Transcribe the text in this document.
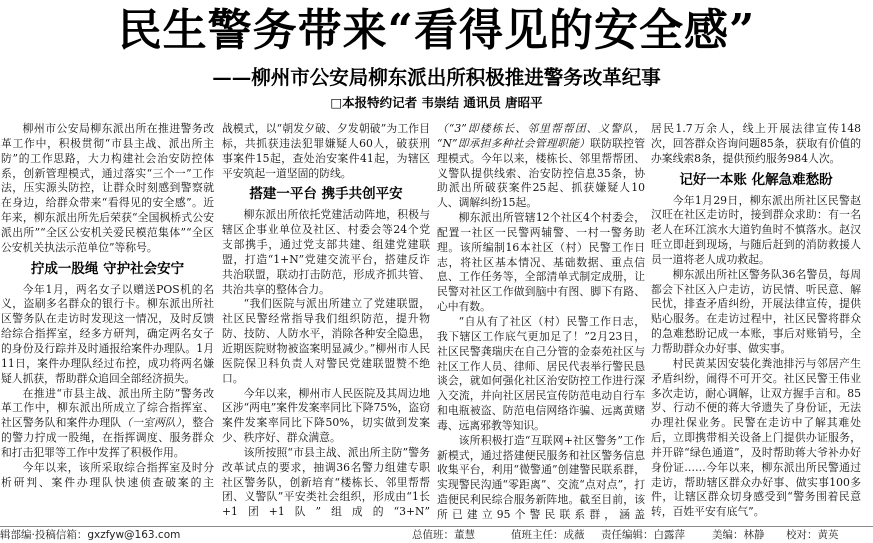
民生警务带来“看得见的安全感”
——柳州市公安局柳东派出所积极推进警务改革纪事
□本报特约记者 韦崇结 通讯员 唐昭平

柳州市公安局柳东派出所在推进警务改革工作中，积极贯彻“市县主战、派出所主防”的工作思路，大力构建社会治安防控体系，创新管理模式，通过落实“三个一”工作法，压实源头防控，让群众时刻感到警察就在身边，给群众带来“看得见的安全感”。近年来，柳东派出所先后荣获“全国枫桥式公安派出所”“全区公安机关爱民模范集体”“全区公安机关执法示范单位”等称号。

拧成一股绳 守护社会安宁

今年1月，两名女子以赠送POS机的名义，盗刷多名群众的银行卡。柳东派出所社区警务队在走访时发现这一情况，及时反馈给综合指挥室，经多方研判，确定两名女子的身份及行踪并及时通报给案件办理队。1月11日，案件办理队经过布控，成功将两名嫌疑人抓获，帮助群众追回全部经济损失。

在推进“市县主战、派出所主防”警务改革工作中，柳东派出所成立了综合指挥室、社区警务队和案件办理队（一室两队），整合的警力拧成一股绳，在指挥调度、服务群众和打击犯罪等工作中发挥了积极作用。

今年以来，该所采取综合指挥室及时分析研判、案件办理队快速侦查破案的主

战模式，以“朝发夕破、夕发朝破”为工作目标，共抓获违法犯罪嫌疑人60人，破获刑事案件15起，查处治安案件41起，为辖区平安筑起一道坚固的防线。

搭建一平台 携手共创平安

柳东派出所依托党建活动阵地，积极与辖区企事业单位及社区、村委会等24个党支部携手，通过党支部共建、组建党建联盟，打造“1+N”党建交流平台，搭建反诈共治联盟，联动打击防范，形成齐抓共管、共治共享的整体合力。

“我们医院与派出所建立了党建联盟，社区民警经常指导我们组织防范，提升物防、技防、人防水平，消除各种安全隐患，近期医院财物被盗案明显减少。”柳州市人民医院保卫科负责人对警民党建联盟赞不绝口。

今年以来，柳州市人民医院及其周边地区涉“两电”案件发案率同比下降75%，盗窃案件发案率同比下降50%，切实做到发案少、秩序好、群众满意。

该所按照“市县主战、派出所主防”警务改革试点的要求，抽调36名警力组建专职社区警务队，创新培育“楼栋长、邻里帮帮团、义警队”平安类社会组织，形成由“1长+1团+1队”组成的“3+N”

（“3”即楼栋长、邻里帮帮团、义警队，“N”即承担多种社会管理职能）联防联控管理模式。今年以来，楼栋长、邻里帮帮团、义警队提供线索、治安防控信息35条，协助派出所破获案件25起、抓获嫌疑人10人、调解纠纷15起。

柳东派出所管辖12个社区4个村委会，配置一社区一民警两辅警、一村一警务助理。该所编制16本社区（村）民警工作日志，将社区基本情况、基础数据、重点信息、工作任务等，全部清单式制定成册，让民警对社区工作做到脑中有图、脚下有路、心中有数。

“自从有了社区（村）民警工作日志，我下辖区工作底气更加足了！”2月23日，社区民警龚瑞庆在自己分管的金泰苑社区与社区工作人员、律师、居民代表举行警民恳谈会，就如何强化社区治安防控工作进行深入交流，并向社区居民宣传防范电动自行车和电瓶被盗、防范电信网络诈骗、远离黄赌毒、远离邪教等知识。

该所积极打造“互联网+社区警务”工作新模式，通过搭建便民服务和社区警务信息收集平台，利用“微警通”创建警民联系群，实现警民沟通“零距离”、交流“点对点”，打造便民利民综合服务新阵地。截至目前，该所已建立95个警民联系群，涵盖

居民1.7万余人，线上开展法律宣传148次，回答群众咨询问题85条，获取有价值的办案线索8条，提供预约服务984人次。

记好一本账 化解急难愁盼

今年1月29日，柳东派出所社区民警赵汉旺在社区走访时，接到群众求助：有一名老人在环江滨水大道钓鱼时不慎落水。赵汉旺立即赶到现场，与随后赶到的消防救援人员一道将老人成功救起。

柳东派出所社区警务队36名警员，每周都会下社区入户走访，访民情、听民意、解民忧，排查矛盾纠纷，开展法律宣传，提供贴心服务。在走访过程中，社区民警将群众的急难愁盼记成一本账，事后对账销号，全力帮助群众办好事、做实事。

村民黄某因安装化粪池排污与邻居产生矛盾纠纷，闹得不可开交。社区民警王伟业多次走访，耐心调解，让双方握手言和。85岁、行动不便的蒋大爷遗失了身份证，无法办理社保业务。民警在走访中了解其难处后，立即携带相关设备上门提供办证服务，并开辟“绿色通道”，及时帮助蒋大爷补办好身份证……今年以来，柳东派出所民警通过走访，帮助辖区群众办好事、做实事100多件，让辖区群众切身感受到“警务围着民意转，百姓平安有底气”。

辑部编·投稿信箱：gxzfyw@163.com	总值班：董慧	值班主任：成薇 责任编辑：白露萍	美编：林静 校对：黄英
